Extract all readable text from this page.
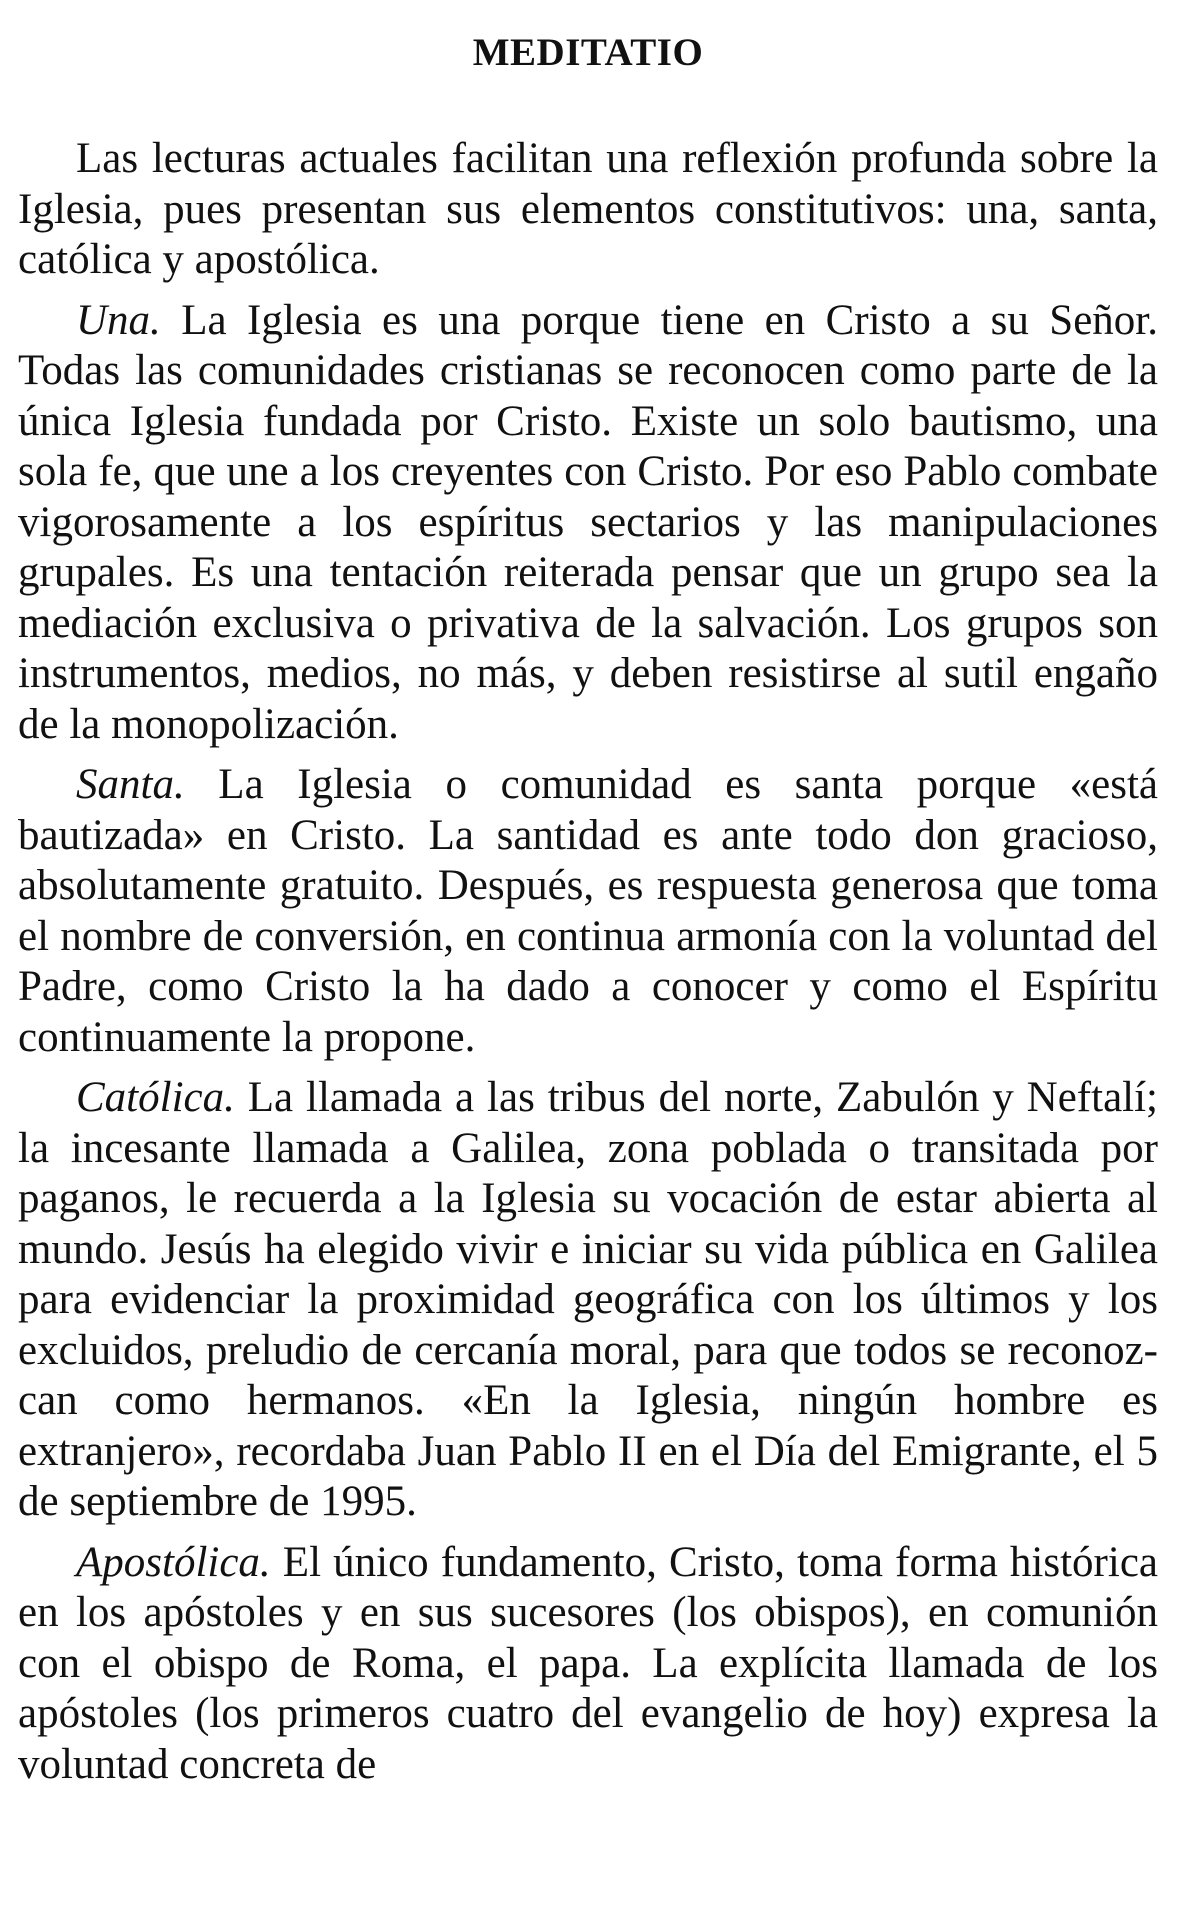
MEDITATIO

Las lecturas actuales facilitan una reflexión profunda sobre la Iglesia, pues presentan sus elementos constitutivos: una, santa, católica y apostólica.

Una. La Iglesia es una porque tiene en Cristo a su Señor. Todas las comunidades cristianas se reconocen como parte de la única Iglesia fundada por Cristo. Existe un solo bautismo, una sola fe, que une a los creyentes con Cristo. Por eso Pablo combate vigorosamente a los espíritus sectarios y las manipulaciones grupales. Es una tentación reiterada pensar que un grupo sea la mediación exclusiva o privativa de la salvación. Los grupos son instrumentos, medios, no más, y deben resistirse al sutil engaño de la monopolización.

Santa. La Iglesia o comunidad es santa porque «está bautizada» en Cristo. La santidad es ante todo don gracioso, absolutamente gratuito. Después, es respuesta generosa que toma el nombre de conversión, en continua armonía con la voluntad del Padre, como Cristo la ha dado a conocer y como el Espíritu continuamente la propone.

Católica. La llamada a las tribus del norte, Zabulón y Neftalí; la incesante llamada a Galilea, zona poblada o transitada por paganos, le recuerda a la Iglesia su vocación de estar abierta al mundo. Jesús ha elegido vivir e iniciar su vida pública en Galilea para evidenciar la proximidad geográfica con los últimos y los excluidos, preludio de cercanía moral, para que todos se reconozcan como hermanos. «En la Iglesia, ningún hombre es extranjero», recordaba Juan Pablo II en el Día del Emigrante, el 5 de septiembre de 1995.

Apostólica. El único fundamento, Cristo, toma forma histórica en los apóstoles y en sus sucesores (los obispos), en comunión con el obispo de Roma, el papa. La explícita llamada de los apóstoles (los primeros cuatro del evangelio de hoy) expresa la voluntad concreta de
